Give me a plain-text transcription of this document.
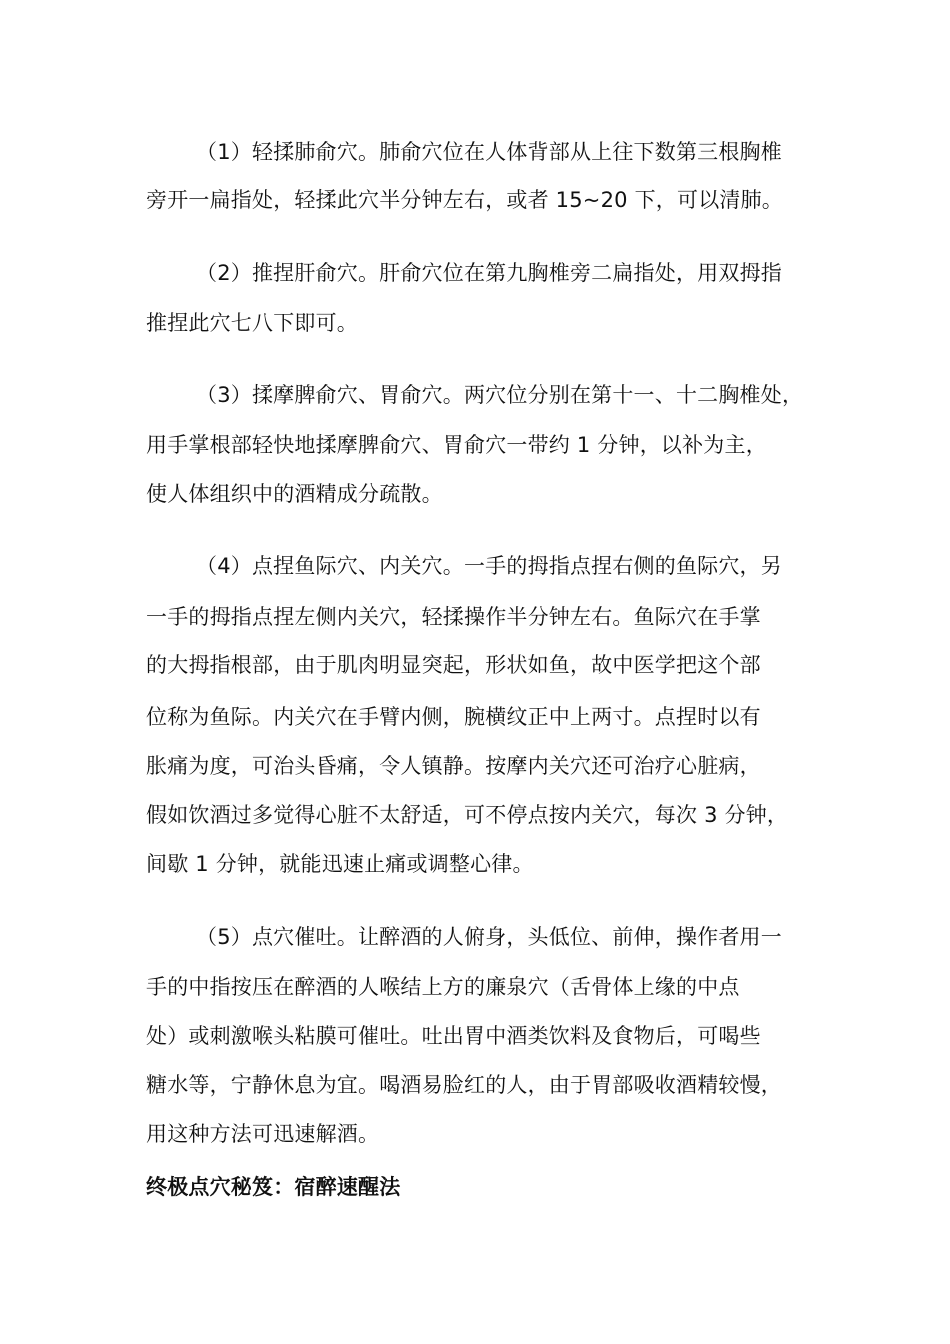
（1）轻揉肺俞穴。肺俞穴位在人体背部从上往下数第三根胸椎
旁开一扁指处，轻揉此穴半分钟左右，或者 15~20 下，可以清肺。
（2）推捏肝俞穴。肝俞穴位在第九胸椎旁二扁指处，用双拇指
推捏此穴七八下即可。
（3）揉摩脾俞穴、胃俞穴。两穴位分别在第十一、十二胸椎处，
用手掌根部轻快地揉摩脾俞穴、胃俞穴一带约 1 分钟，以补为主，
使人体组织中的酒精成分疏散。
（4）点捏鱼际穴、内关穴。一手的拇指点捏右侧的鱼际穴，另
一手的拇指点捏左侧内关穴，轻揉操作半分钟左右。鱼际穴在手掌
的大拇指根部，由于肌肉明显突起，形状如鱼，故中医学把这个部
位称为鱼际。内关穴在手臂内侧，腕横纹正中上两寸。点捏时以有
胀痛为度，可治头昏痛，令人镇静。按摩内关穴还可治疗心脏病，
假如饮酒过多觉得心脏不太舒适，可不停点按内关穴，每次 3 分钟，
间歇 1 分钟，就能迅速止痛或调整心律。
（5）点穴催吐。让醉酒的人俯身，头低位、前伸，操作者用一
手的中指按压在醉酒的人喉结上方的廉泉穴（舌骨体上缘的中点
处）或刺激喉头粘膜可催吐。吐出胃中酒类饮料及食物后，可喝些
糖水等，宁静休息为宜。喝酒易脸红的人，由于胃部吸收酒精较慢，
用这种方法可迅速解酒。
终极点穴秘笈：宿醉速醒法
